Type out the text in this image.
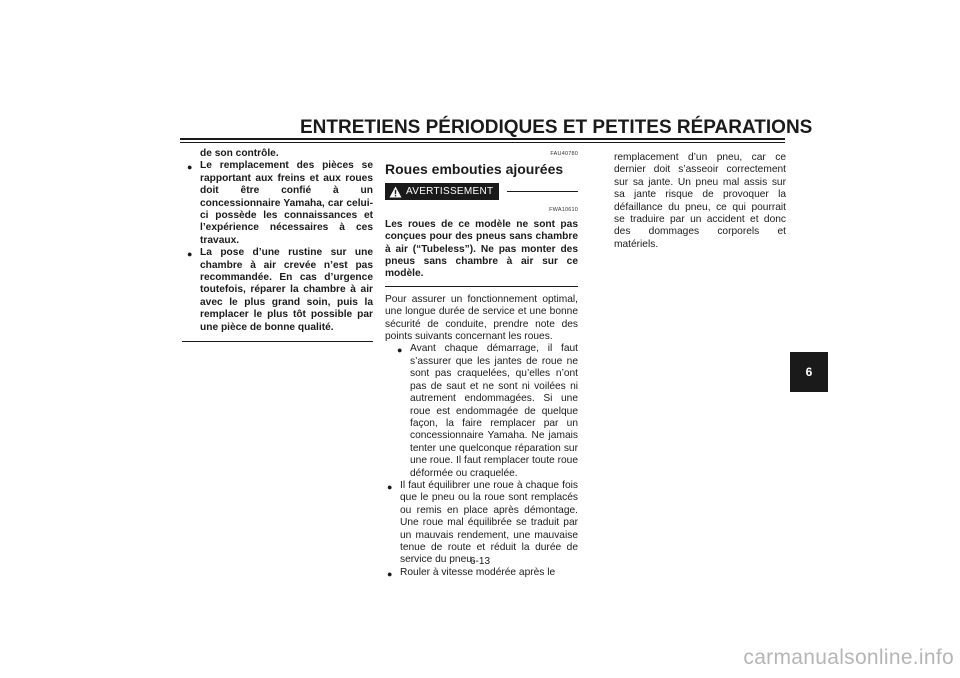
ENTRETIENS PÉRIODIQUES ET PETITES RÉPARATIONS
de son contrôle.
● Le remplacement des pièces se rapportant aux freins et aux roues doit être confié à un concessionnaire Yamaha, car celui-ci possède les connaissances et l’expérience nécessaires à ces travaux.
● La pose d’une rustine sur une chambre à air crevée n’est pas recommandée. En cas d’urgence toutefois, réparer la chambre à air avec le plus grand soin, puis la remplacer le plus tôt possible par une pièce de bonne qualité.
FAU40780
Roues embouties ajourées
AVERTISSEMENT
FWA10610
Les roues de ce modèle ne sont pas conçues pour des pneus sans chambre à air (“Tubeless”). Ne pas monter des pneus sans chambre à air sur ce modèle.
Pour assurer un fonctionnement optimal, une longue durée de service et une bonne sécurité de conduite, prendre note des points suivants concernant les roues.
● Avant chaque démarrage, il faut s’assurer que les jantes de roue ne sont pas craquelées, qu’elles n’ont pas de saut et ne sont ni voilées ni autrement endommagées. Si une roue est endommagée de quelque façon, la faire remplacer par un concessionnaire Yamaha. Ne jamais tenter une quelconque réparation sur une roue. Il faut remplacer toute roue déformée ou craquelée.
● Il faut équilibrer une roue à chaque fois que le pneu ou la roue sont remplacés ou remis en place après démontage. Une roue mal équilibrée se traduit par un mauvais rendement, une mauvaise tenue de route et réduit la durée de service du pneu.
● Rouler à vitesse modérée après le
remplacement d’un pneu, car ce dernier doit s’asseoir correctement sur sa jante. Un pneu mal assis sur sa jante risque de provoquer la défaillance du pneu, ce qui pourrait se traduire par un accident et donc des dommages corporels et matériels.
6-13
6
carmanualsonline.info
